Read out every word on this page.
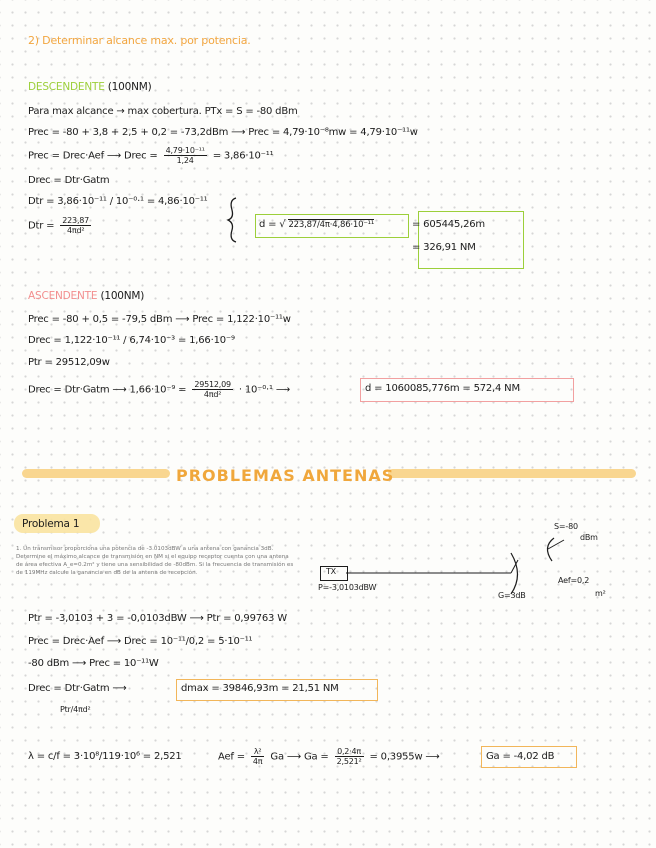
2) Determinar alcance max. por potencia.
DESCENDENTE (100NM)
Para max alcance → max cobertura. PTx = S = -80 dBm
Prec = -80 + 3,8 + 2,5 + 0,2 = -73,2dBm ⟶ Prec = 4,79·10⁻⁸mw = 4,79·10⁻¹¹w
Prec = Drec·Aef ⟶ Drec = $\frac{\text{4,79·10⁻¹¹}}{1,24} = 3,86\cdot 10^{-11}$
Drec = Dtr·Gatm
Dtr = 3,86·10⁻¹¹ / 10⁻⁰·¹ = 4,86·10⁻¹¹
Dtr = $\frac{223,87}{\text{4πd²}}$	d = √ 223,87/4π·4,86·10⁻¹¹	= 605445,26m
= 326,91 NM
ASCENDENTE (100NM)
Prec = -80 + 0,5 = -79,5 dBm ⟶ Prec = 1,122·10⁻¹¹w
Drec = 1,122·10⁻¹¹ / 6,74·10⁻³ = 1,66·10⁻⁹
Ptr = 29512,09w
Drec = Dtr·Gatm ⟶ $1,66\cdot 10^{-9} = \frac{29512,09}{\text{4πd²}} \cdot 10^{-0}\cdot^1$ ⟶	d = 1060085,776m = 572,4 NM
PROBLEMAS ANTENAS
Problema 1
1. Un transmisor proporciona una potencia de -3.0103dBW a una antena con ganancia 3dB. Determine el máximo alcance de transmisión en NM si el equipo receptor cuenta con una antena de área efectiva A_e=0.2m² y tiene una sensibilidad de -80dBm. Si la frecuencia de transmisión es de 119MHz calcule la ganancia en dB de la antena de recepción.	TX
P=-3,0103dBW
G=3dB
S=-80
dBm
Aef=0,2
m²
Ptr = -3,0103 + 3 = -0,0103dBW ⟶ Ptr = 0,99763 W
Prec = Drec·Aef ⟶ Drec = 10⁻¹¹/0,2 = 5·10⁻¹¹
-80 dBm ⟶ Prec = 10⁻¹¹W
Drec = Dtr·Gatm ⟶
Ptr/4πd²
dmax = 39846,93m = 21,51 NM
λ = c/f = 3·10⁸/119·10⁶ = 2,521	Aef = $\frac{\text{λ²}}{4\pi}$ Ga ⟶ $Ga = \frac{0,2\cdot 4\pi}{\text{2,521²}} = 0,3955w$ ⟶	Ga = -4,02 dB
